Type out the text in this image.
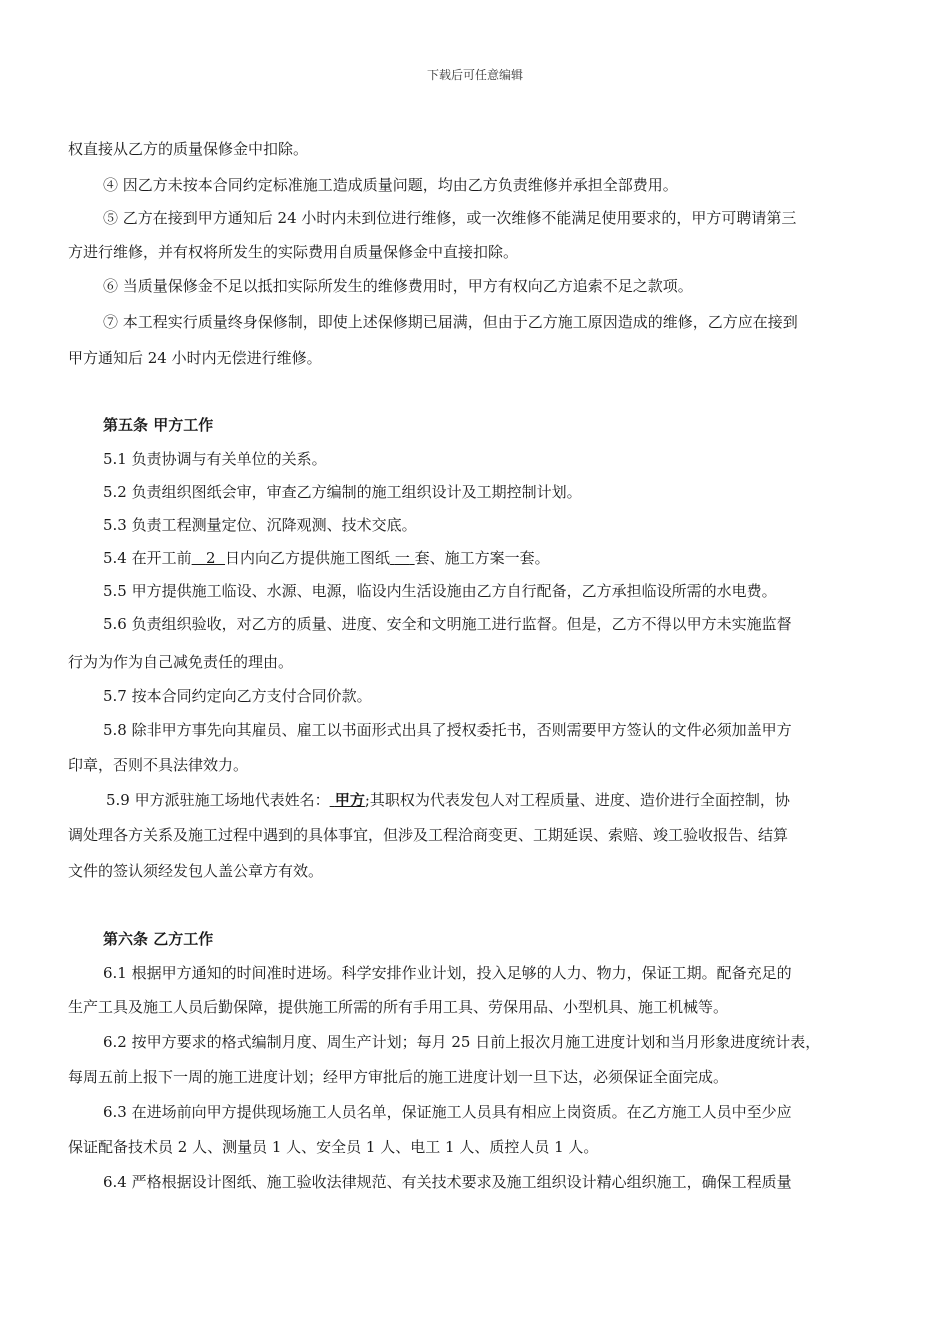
下载后可任意编辑
权直接从乙方的质量保修金中扣除。
④ 因乙方未按本合同约定标准施工造成质量问题，均由乙方负责维修并承担全部费用。
⑤ 乙方在接到甲方通知后 24 小时内未到位进行维修，或一次维修不能满足使用要求的，甲方可聘请第三
方进行维修，并有权将所发生的实际费用自质量保修金中直接扣除。
⑥ 当质量保修金不足以抵扣实际所发生的维修费用时，甲方有权向乙方追索不足之款项。
⑦ 本工程实行质量终身保修制，即使上述保修期已届满，但由于乙方施工原因造成的维修，乙方应在接到
甲方通知后 24 小时内无偿进行维修。
第五条 甲方工作
5.1 负责协调与有关单位的关系。
5.2 负责组织图纸会审，审查乙方编制的施工组织设计及工期控制计划。
5.3 负责工程测量定位、沉降观测、技术交底。
5.4 在开工前 2 日内向乙方提供施工图纸 一 套、施工方案一套。
5.5 甲方提供施工临设、水源、电源，临设内生活设施由乙方自行配备，乙方承担临设所需的水电费。
5.6 负责组织验收，对乙方的质量、进度、安全和文明施工进行监督。但是，乙方不得以甲方未实施监督
行为为作为自己减免责任的理由。
5.7 按本合同约定向乙方支付合同价款。
5.8 除非甲方事先向其雇员、雇工以书面形式出具了授权委托书，否则需要甲方签认的文件必须加盖甲方
印章，否则不具法律效力。
5.9 甲方派驻施工场地代表姓名： 甲方;其职权为代表发包人对工程质量、进度、造价进行全面控制，协
调处理各方关系及施工过程中遇到的具体事宜，但涉及工程洽商变更、工期延误、索赔、竣工验收报告、结算
文件的签认须经发包人盖公章方有效。
第六条 乙方工作
6.1 根据甲方通知的时间准时进场。科学安排作业计划，投入足够的人力、物力，保证工期。配备充足的
生产工具及施工人员后勤保障，提供施工所需的所有手用工具、劳保用品、小型机具、施工机械等。
6.2 按甲方要求的格式编制月度、周生产计划；每月 25 日前上报次月施工进度计划和当月形象进度统计表，
每周五前上报下一周的施工进度计划；经甲方审批后的施工进度计划一旦下达，必须保证全面完成。
6.3 在进场前向甲方提供现场施工人员名单，保证施工人员具有相应上岗资质。在乙方施工人员中至少应
保证配备技术员 2 人、测量员 1 人、安全员 1 人、电工 1 人、质控人员 1 人。
6.4 严格根据设计图纸、施工验收法律规范、有关技术要求及施工组织设计精心组织施工，确保工程质量
